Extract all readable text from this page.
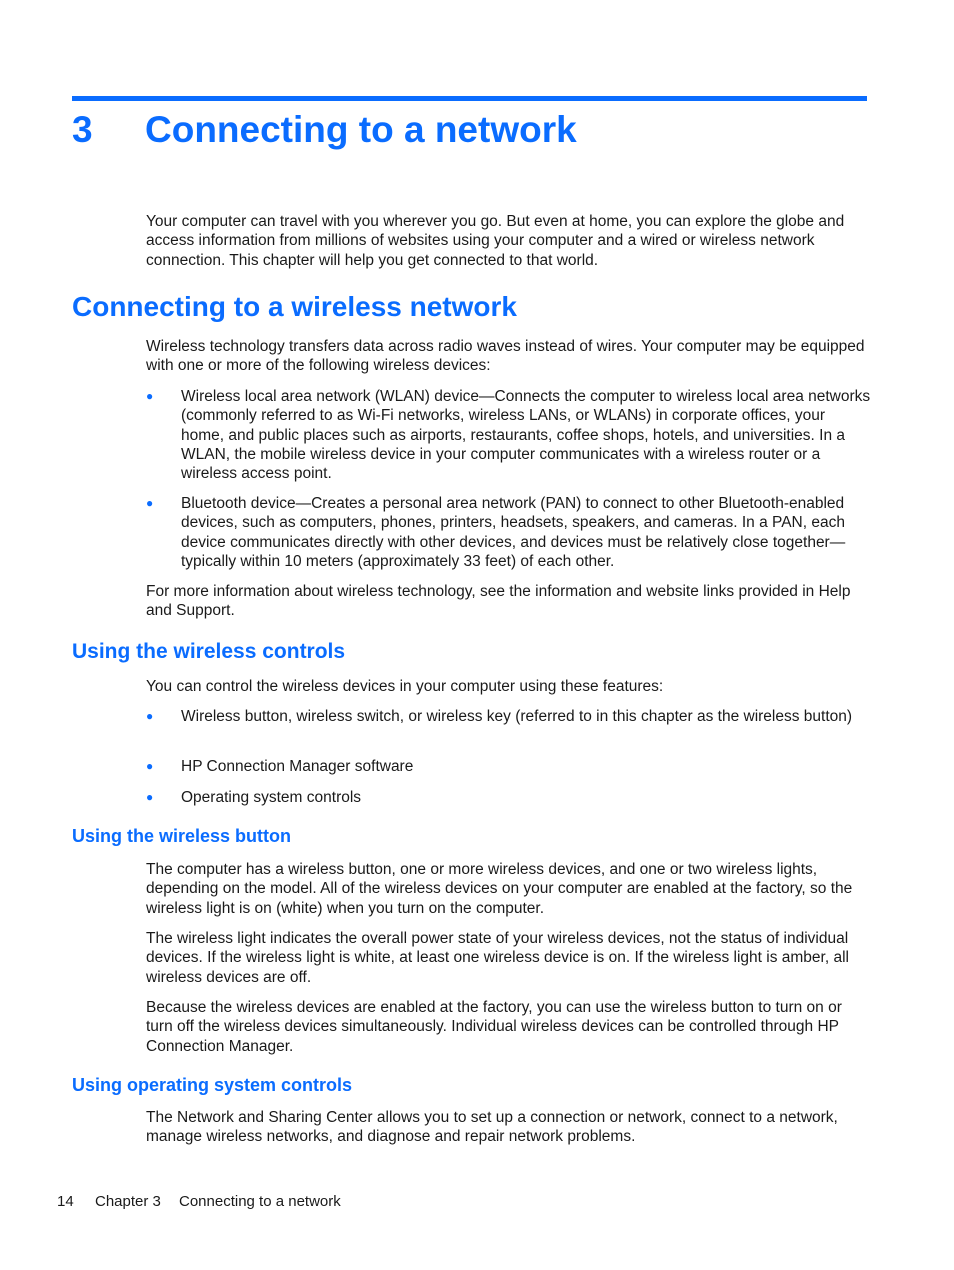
3 Connecting to a network

Your computer can travel with you wherever you go. But even at home, you can explore the globe and access information from millions of websites using your computer and a wired or wireless network connection. This chapter will help you get connected to that world.

Connecting to a wireless network

Wireless technology transfers data across radio waves instead of wires. Your computer may be equipped with one or more of the following wireless devices:

● Wireless local area network (WLAN) device—Connects the computer to wireless local area networks (commonly referred to as Wi-Fi networks, wireless LANs, or WLANs) in corporate offices, your home, and public places such as airports, restaurants, coffee shops, hotels, and universities. In a WLAN, the mobile wireless device in your computer communicates with a wireless router or a wireless access point.

● Bluetooth device—Creates a personal area network (PAN) to connect to other Bluetooth-enabled devices, such as computers, phones, printers, headsets, speakers, and cameras. In a PAN, each device communicates directly with other devices, and devices must be relatively close together—typically within 10 meters (approximately 33 feet) of each other.

For more information about wireless technology, see the information and website links provided in Help and Support.

Using the wireless controls

You can control the wireless devices in your computer using these features:

● Wireless button, wireless switch, or wireless key (referred to in this chapter as the wireless button)

● HP Connection Manager software

● Operating system controls

Using the wireless button

The computer has a wireless button, one or more wireless devices, and one or two wireless lights, depending on the model. All of the wireless devices on your computer are enabled at the factory, so the wireless light is on (white) when you turn on the computer.

The wireless light indicates the overall power state of your wireless devices, not the status of individual devices. If the wireless light is white, at least one wireless device is on. If the wireless light is amber, all wireless devices are off.

Because the wireless devices are enabled at the factory, you can use the wireless button to turn on or turn off the wireless devices simultaneously. Individual wireless devices can be controlled through HP Connection Manager.

Using operating system controls

The Network and Sharing Center allows you to set up a connection or network, connect to a network, manage wireless networks, and diagnose and repair network problems.

14 Chapter 3 Connecting to a network
